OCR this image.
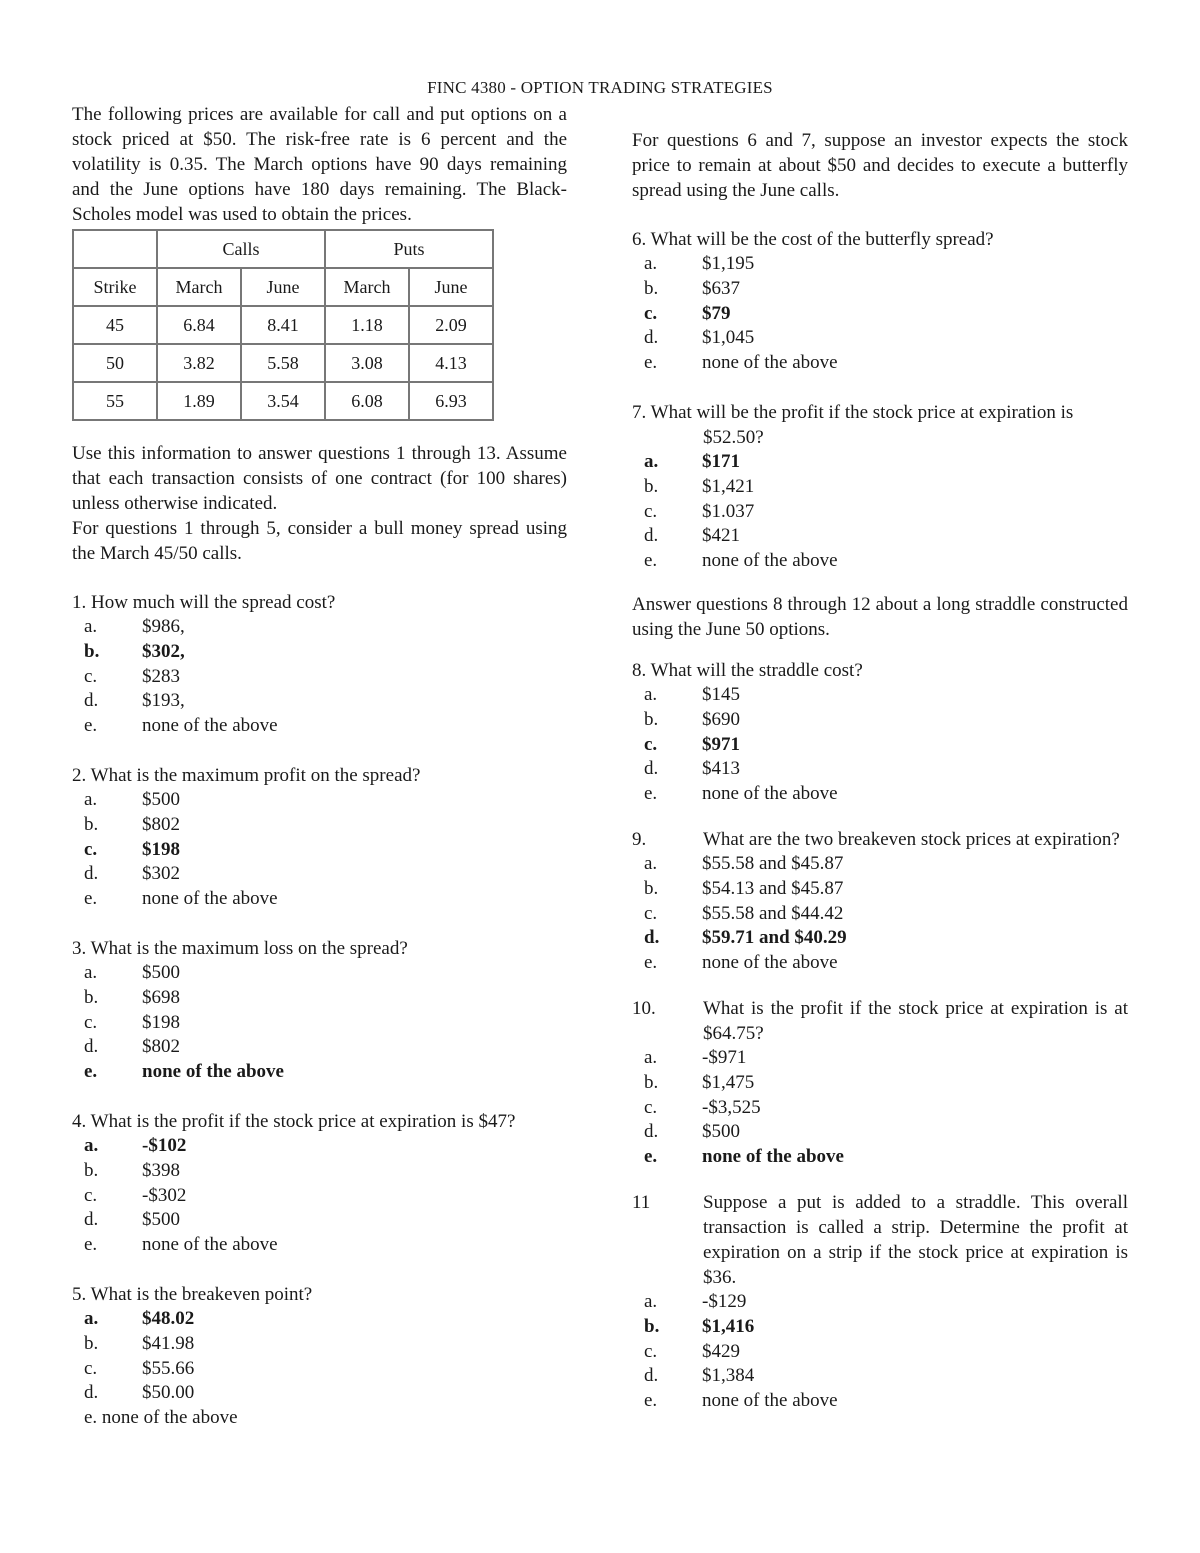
FINC 4380 - OPTION TRADING STRATEGIES

The following prices are available for call and put options on a stock priced at $50. The risk-free rate is 6 percent and the volatility is 0.35. The March options have 90 days remaining and the June options have 180 days remaining. The Black-Scholes model was used to obtain the prices.

	Calls		Puts	
Strike	March	June	March	June
45	6.84	8.41	1.18	2.09
50	3.82	5.58	3.08	4.13
55	1.89	3.54	6.08	6.93

Use this information to answer questions 1 through 13. Assume that each transaction consists of one contract (for 100 shares) unless otherwise indicated.

For questions 1 through 5, consider a bull money spread using the March 45/50 calls.

1. How much will the spread cost?
a.	$986,
b.	$302,
c.	$283
d.	$193,
e.	none of the above
2. What is the maximum profit on the spread?
a.	$500
b.	$802
c.	$198
d.	$302
e.	none of the above
3. What is the maximum loss on the spread?
a.	$500
b.	$698
c.	$198
d.	$802
e.	none of the above
4. What is the profit if the stock price at expiration is $47?
a.	-$102
b.	$398
c.	-$302
d.	$500
e.	none of the above
5. What is the breakeven point?
a.	$48.02
b.	$41.98
c.	$55.66
d.	$50.00
e. none of the above

For questions 6 and 7, suppose an investor expects the stock price to remain at about $50 and decides to execute a butterfly spread using the June calls.

6. What will be the cost of the butterfly spread?
a.	$1,195
b.	$637
c.	$79
d.	$1,045
e.	none of the above
7. What will be the profit if the stock price at expiration is
$52.50?
a.	$171
b.	$1,421
c.	$1.037
d.	$421
e.	none of the above

Answer questions 8 through 12 about a long straddle constructed using the June 50 options.

8. What will the straddle cost?
a.	$145
b.	$690
c.	$971
d.	$413
e.	none of the above
9.	What are the two breakeven stock prices at expiration?
a.	$55.58 and $45.87
b.	$54.13 and $45.87
c.	$55.58 and $44.42
d.	$59.71 and $40.29
e.	none of the above
10.	What is the profit if the stock price at expiration is at $64.75?
a.	-$971
b.	$1,475
c.	-$3,525
d.	$500
e.	none of the above
11	Suppose a put is added to a straddle. This overall transaction is called a strip. Determine the profit at expiration on a strip if the stock price at expiration is $36.
a.	-$129
b.	$1,416
c.	$429
d.	$1,384
e.	none of the above
